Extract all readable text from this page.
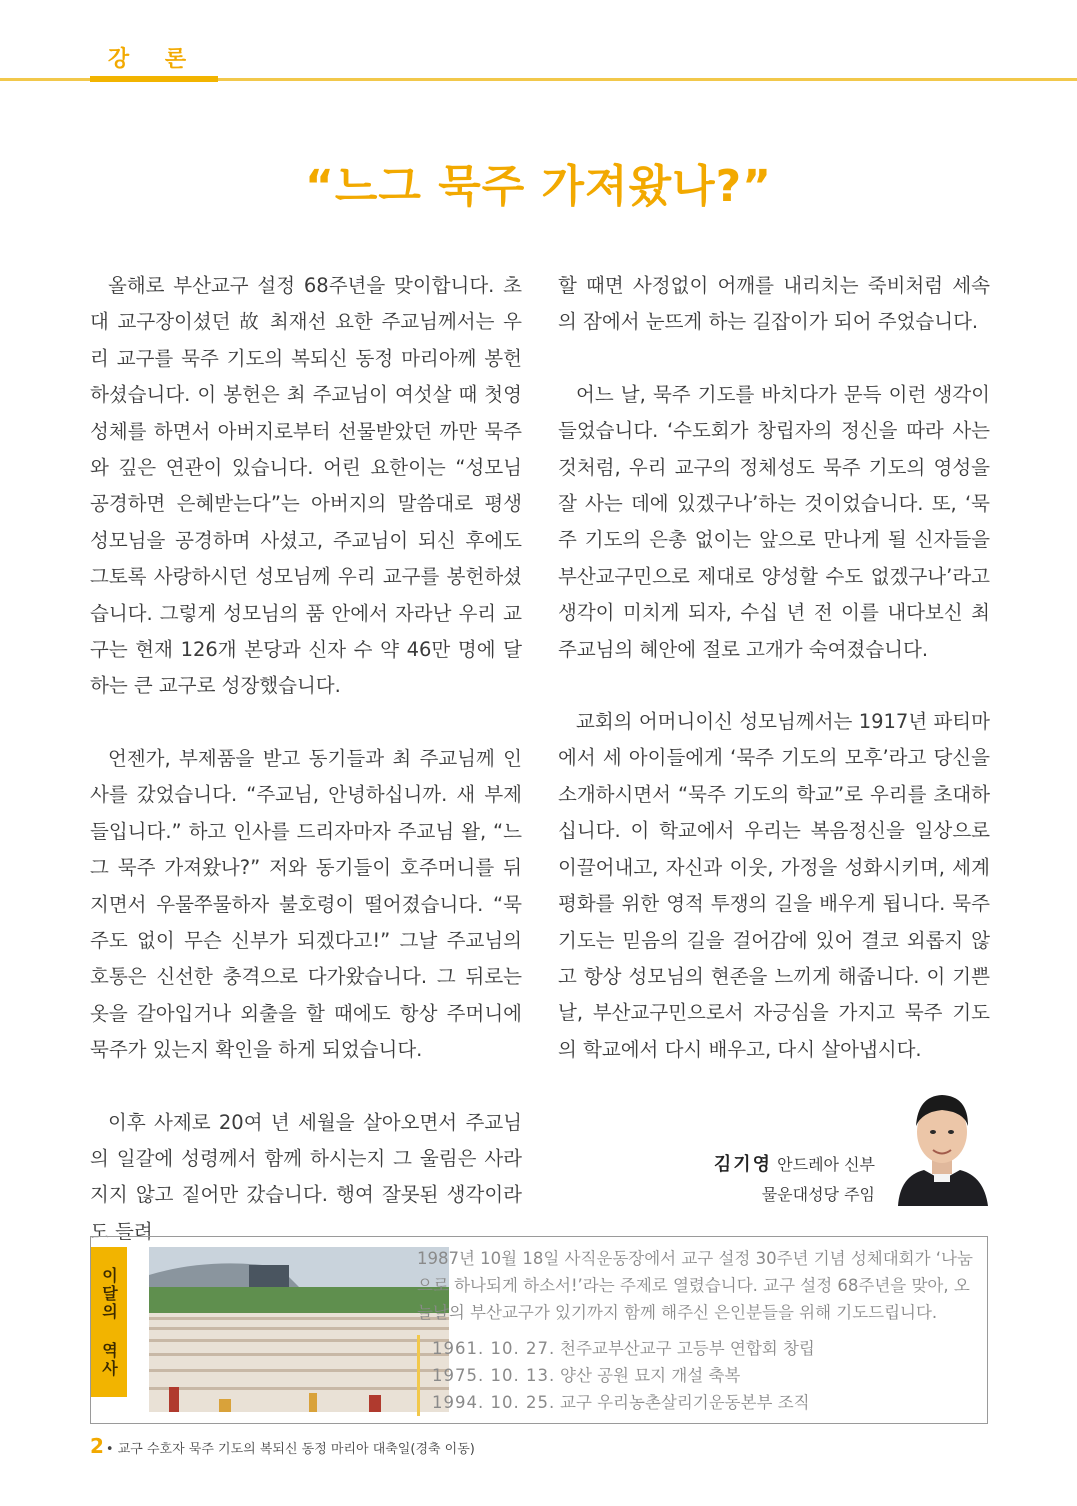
강 론
“느그 묵주 가져왔나?”

올해로 부산교구 설정 68주년을 맞이합니다. 초대 교구장이셨던 故 최재선 요한 주교님께서는 우리 교구를 묵주 기도의 복되신 동정 마리아께 봉헌하셨습니다. 이 봉헌은 최 주교님이 여섯살 때 첫영성체를 하면서 아버지로부터 선물받았던 까만 묵주와 깊은 연관이 있습니다. 어린 요한이는 “성모님 공경하면 은혜받는다”는 아버지의 말씀대로 평생 성모님을 공경하며 사셨고, 주교님이 되신 후에도 그토록 사랑하시던 성모님께 우리 교구를 봉헌하셨습니다. 그렇게 성모님의 품 안에서 자라난 우리 교구는 현재 126개 본당과 신자 수 약 46만 명에 달하는 큰 교구로 성장했습니다.

언젠가, 부제품을 받고 동기들과 최 주교님께 인사를 갔었습니다. “주교님, 안녕하십니까. 새 부제들입니다.” 하고 인사를 드리자마자 주교님 왈, “느그 묵주 가져왔나?” 저와 동기들이 호주머니를 뒤지면서 우물쭈물하자 불호령이 떨어졌습니다. “묵주도 없이 무슨 신부가 되겠다고!” 그날 주교님의 호통은 신선한 충격으로 다가왔습니다. 그 뒤로는 옷을 갈아입거나 외출을 할 때에도 항상 주머니에 묵주가 있는지 확인을 하게 되었습니다.

이후 사제로 20여 년 세월을 살아오면서 주교님의 일갈에 성령께서 함께 하시는지 그 울림은 사라지지 않고 짙어만 갔습니다. 행여 잘못된 생각이라도 들려

할 때면 사정없이 어깨를 내리치는 죽비처럼 세속의 잠에서 눈뜨게 하는 길잡이가 되어 주었습니다.

어느 날, 묵주 기도를 바치다가 문득 이런 생각이 들었습니다. ‘수도회가 창립자의 정신을 따라 사는 것처럼, 우리 교구의 정체성도 묵주 기도의 영성을 잘 사는 데에 있겠구나’하는 것이었습니다. 또, ‘묵주 기도의 은총 없이는 앞으로 만나게 될 신자들을 부산교구민으로 제대로 양성할 수도 없겠구나’라고 생각이 미치게 되자, 수십 년 전 이를 내다보신 최 주교님의 혜안에 절로 고개가 숙여졌습니다.

교회의 어머니이신 성모님께서는 1917년 파티마에서 세 아이들에게 ‘묵주 기도의 모후’라고 당신을 소개하시면서 “묵주 기도의 학교”로 우리를 초대하십니다. 이 학교에서 우리는 복음정신을 일상으로 이끌어내고, 자신과 이웃, 가정을 성화시키며, 세계 평화를 위한 영적 투쟁의 길을 배우게 됩니다. 묵주 기도는 믿음의 길을 걸어감에 있어 결코 외롭지 않고 항상 성모님의 현존을 느끼게 해줍니다. 이 기쁜 날, 부산교구민으로서 자긍심을 가지고 묵주 기도의 학교에서 다시 배우고, 다시 살아냅시다.

김기영 안드레아 신부
물운대성당 주임
이달의 역사
1987년 10월 18일 사직운동장에서 교구 설정 30주년 기념 성체대회가 ‘나눔으로 하나되게 하소서!’라는 주제로 열렸습니다. 교구 설정 68주년을 맞아, 오늘날의 부산교구가 있기까지 함께 해주신 은인분들을 위해 기도드립니다.
1961. 10. 27. 천주교부산교구 고등부 연합회 창립
1975. 10. 13. 양산 공원 묘지 개설 축복
1994. 10. 25. 교구 우리농촌살리기운동본부 조직
2 • 교구 수호자 묵주 기도의 복되신 동정 마리아 대축일(경축 이동)
